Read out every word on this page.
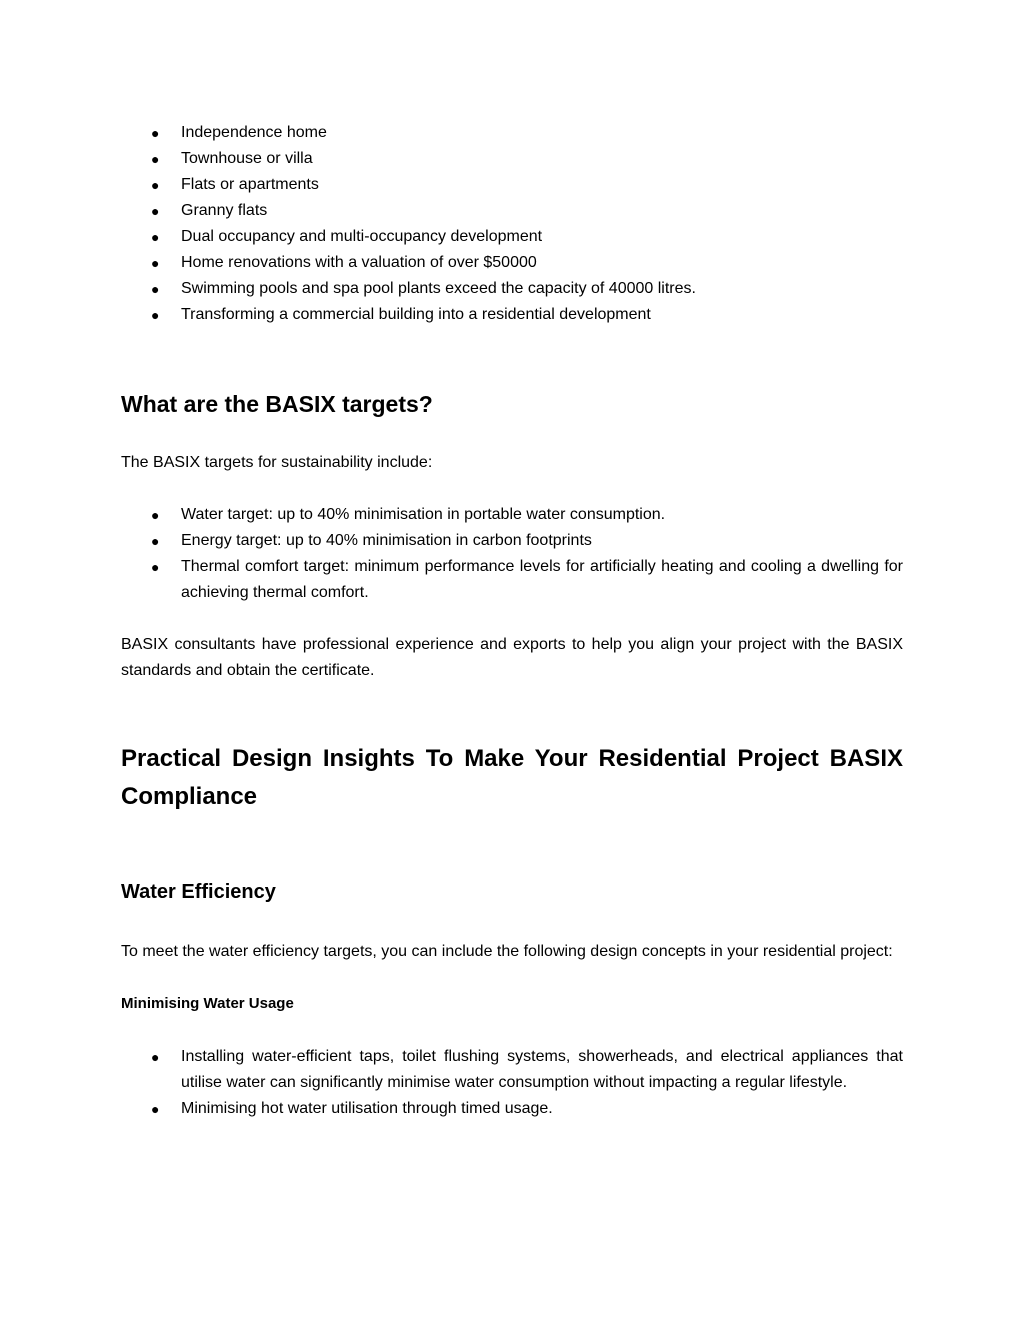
● Independence home
● Townhouse or villa
● Flats or apartments
● Granny flats
● Dual occupancy and multi-occupancy development
● Home renovations with a valuation of over $50000
● Swimming pools and spa pool plants exceed the capacity of 40000 litres.
● Transforming a commercial building into a residential development
What are the BASIX targets?

The BASIX targets for sustainability include:

● Water target: up to 40% minimisation in portable water consumption.
● Energy target: up to 40% minimisation in carbon footprints
● Thermal comfort target: minimum performance levels for artificially heating and cooling a dwelling for achieving thermal comfort.

BASIX consultants have professional experience and exports to help you align your project with the BASIX standards and obtain the certificate.

Practical Design Insights To Make Your Residential Project BASIX Compliance
Water Efficiency

To meet the water efficiency targets, you can include the following design concepts in your residential project:

Minimising Water Usage
● Installing water-efficient taps, toilet flushing systems, showerheads, and electrical appliances that utilise water can significantly minimise water consumption without impacting a regular lifestyle.
● Minimising hot water utilisation through timed usage.
